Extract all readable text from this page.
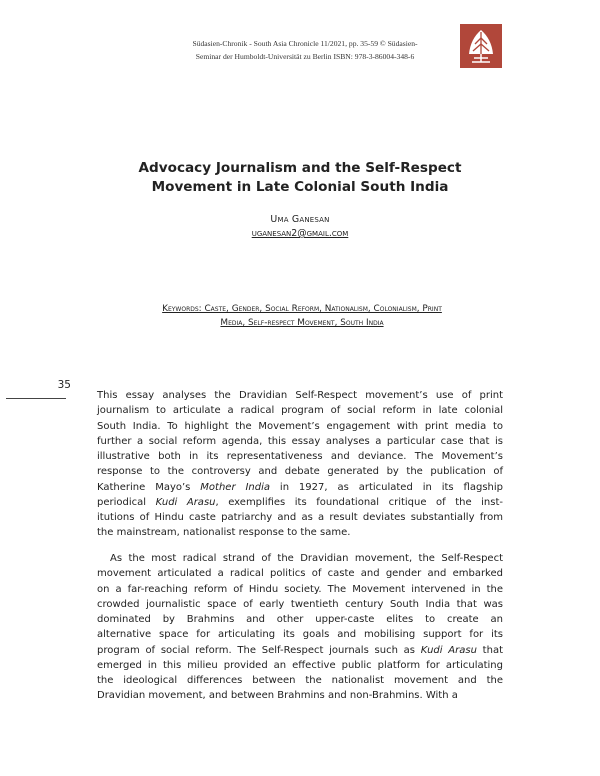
Südasien-Chronik - South Asia Chronicle 11/2021, pp. 35-59 © Südasien-
Seminar der Humboldt-Universität zu Berlin ISBN: 978-3-86004-348-6
Advocacy Journalism and the Self-Respect
Movement in Late Colonial South India
Uma Ganesan
uganesan2@gmail.com
Keywords: Caste, Gender, Social Reform, Nationalism, Colonialism, Print
Media, Self-respect Movement, South India
35
This essay analyses the Dravidian Self-Respect movement’s use of print
journalism to articulate a radical program of social reform in late colonial
South India. To highlight the Movement’s engagement with print media to
further a social reform agenda, this essay analyses a particular case that is
illustrative both in its representativeness and deviance. The Movement’s
response to the controversy and debate generated by the publication of
Katherine Mayo’s Mother India in 1927, as articulated in its flagship
periodical Kudi Arasu, exemplifies its foundational critique of the inst-
itutions of Hindu caste patriarchy and as a result deviates substantially from
the mainstream, nationalist response to the same.
As the most radical strand of the Dravidian movement, the Self-Respect
movement articulated a radical politics of caste and gender and embarked
on a far-reaching reform of Hindu society. The Movement intervened in the
crowded journalistic space of early twentieth century South India that was
dominated by Brahmins and other upper-caste elites to create an
alternative space for articulating its goals and mobilising support for its
program of social reform. The Self-Respect journals such as Kudi Arasu that
emerged in this milieu provided an effective public platform for articulating
the ideological differences between the nationalist movement and the
Dravidian movement, and between Brahmins and non-Brahmins. With a
